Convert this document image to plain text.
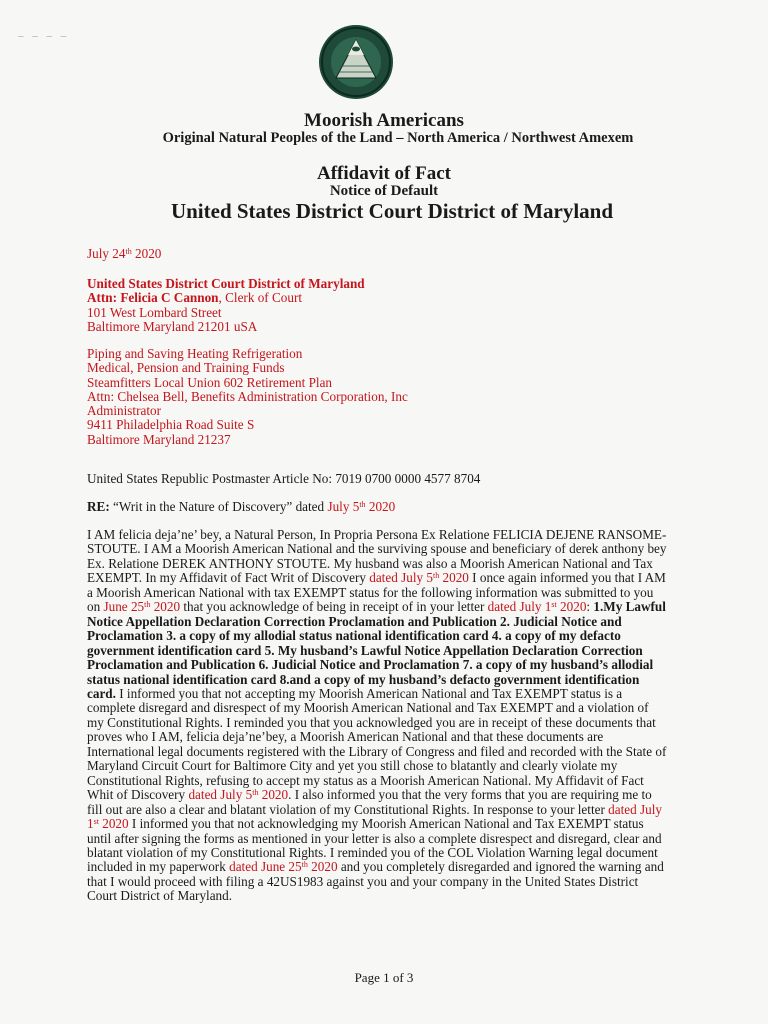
– – – –
Moorish Americans
Original Natural Peoples of the Land – North America / Northwest Amexem
Affidavit of Fact
Notice of Default
United States District Court District of Maryland
July 24th 2020
United States District Court District of Maryland
Attn: Felicia C Cannon, Clerk of Court
101 West Lombard Street
Baltimore Maryland 21201 uSA
Piping and Saving Heating Refrigeration
Medical, Pension and Training Funds
Steamfitters Local Union 602 Retirement Plan
Attn: Chelsea Bell, Benefits Administration Corporation, Inc
Administrator
9411 Philadelphia Road Suite S
Baltimore Maryland 21237
United States Republic Postmaster Article No: 7019 0700 0000 4577 8704
RE: “Writ in the Nature of Discovery” dated July 5th 2020
I AM felicia deja’ne’ bey, a Natural Person, In Propria Persona Ex Relatione FELICIA DEJENE RANSOME-STOUTE. I AM a Moorish American National and the surviving spouse and beneficiary of derek anthony bey Ex. Relatione DEREK ANTHONY STOUTE. My husband was also a Moorish American National and Tax EXEMPT. In my Affidavit of Fact Writ of Discovery dated July 5th 2020 I once again informed you that I AM a Moorish American National with tax EXEMPT status for the following information was submitted to you on June 25th 2020 that you acknowledge of being in receipt of in your letter dated July 1st 2020: 1.My Lawful Notice Appellation Declaration Correction Proclamation and Publication 2. Judicial Notice and Proclamation 3. a copy of my allodial status national identification card 4. a copy of my defacto government identification card 5. My husband’s Lawful Notice Appellation Declaration Correction Proclamation and Publication 6. Judicial Notice and Proclamation 7. a copy of my husband’s allodial status national identification card 8.and a copy of my husband’s defacto government identification card. I informed you that not accepting my Moorish American National and Tax EXEMPT status is a complete disregard and disrespect of my Moorish American National and Tax EXEMPT and a violation of my Constitutional Rights. I reminded you that you acknowledged you are in receipt of these documents that proves who I AM, felicia deja’ne’bey, a Moorish American National and that these documents are International legal documents registered with the Library of Congress and filed and recorded with the State of Maryland Circuit Court for Baltimore City and yet you still chose to blatantly and clearly violate my Constitutional Rights, refusing to accept my status as a Moorish American National. My Affidavit of Fact Whit of Discovery dated July 5th 2020. I also informed you that the very forms that you are requiring me to fill out are also a clear and blatant violation of my Constitutional Rights. In response to your letter dated July 1st 2020 I informed you that not acknowledging my Moorish American National and Tax EXEMPT status until after signing the forms as mentioned in your letter is also a complete disrespect and disregard, clear and blatant violation of my Constitutional Rights. I reminded you of the COL Violation Warning legal document included in my paperwork dated June 25th 2020 and you completely disregarded and ignored the warning and that I would proceed with filing a 42US1983 against you and your company in the United States District Court District of Maryland.
Page 1 of 3
